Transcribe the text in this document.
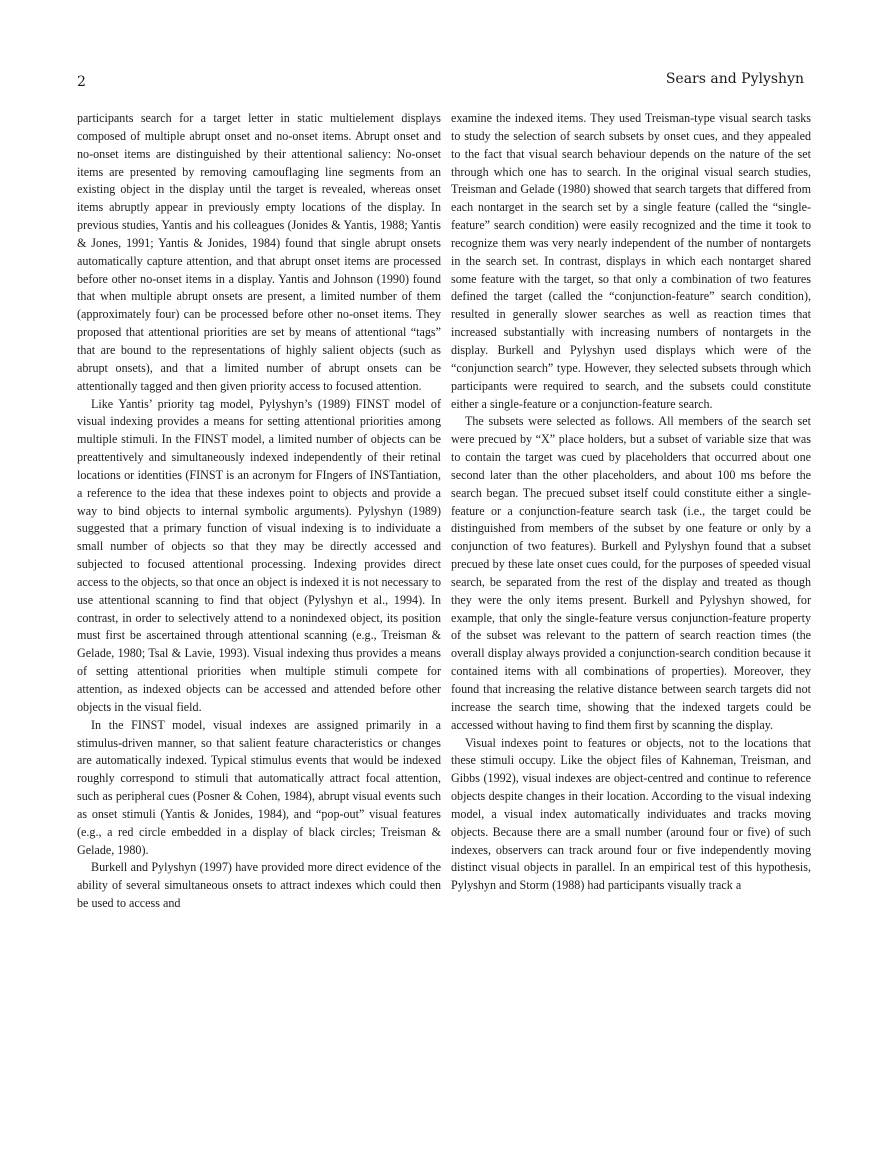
2	Sears and Pylyshyn

participants search for a target letter in static multielement displays composed of multiple abrupt onset and no-onset items. Abrupt onset and no-onset items are distinguished by their attentional saliency: No-onset items are presented by removing camouflaging line segments from an existing object in the display until the target is revealed, whereas onset items abruptly appear in previously empty locations of the display. In previous studies, Yantis and his colleagues (Jonides & Yantis, 1988; Yantis & Jones, 1991; Yantis & Jonides, 1984) found that single abrupt onsets automatically capture attention, and that abrupt onset items are processed before other no-onset items in a display. Yantis and Johnson (1990) found that when multiple abrupt onsets are present, a limited number of them (approximately four) can be processed before other no-onset items. They proposed that attentional priorities are set by means of attentional “tags” that are bound to the representations of highly salient objects (such as abrupt onsets), and that a limited number of abrupt onsets can be attentionally tagged and then given priority access to focused attention.

Like Yantis’ priority tag model, Pylyshyn’s (1989) FINST model of visual indexing provides a means for setting attentional priorities among multiple stimuli. In the FINST model, a limited number of objects can be preattentively and simultaneously indexed independently of their retinal locations or identities (FINST is an acronym for FIngers of INSTantiation, a reference to the idea that these indexes point to objects and provide a way to bind objects to internal symbolic arguments). Pylyshyn (1989) suggested that a primary function of visual indexing is to individuate a small number of objects so that they may be directly accessed and subjected to focused attentional processing. Indexing provides direct access to the objects, so that once an object is indexed it is not necessary to use attentional scanning to find that object (Pylyshyn et al., 1994). In contrast, in order to selectively attend to a nonindexed object, its position must first be ascertained through attentional scanning (e.g., Treisman & Gelade, 1980; Tsal & Lavie, 1993). Visual indexing thus provides a means of setting attentional priorities when multiple stimuli compete for attention, as indexed objects can be accessed and attended before other objects in the visual field.

In the FINST model, visual indexes are assigned primarily in a stimulus-driven manner, so that salient feature characteristics or changes are automatically indexed. Typical stimulus events that would be indexed roughly correspond to stimuli that automatically attract focal attention, such as peripheral cues (Posner & Cohen, 1984), abrupt visual events such as onset stimuli (Yantis & Jonides, 1984), and “pop-out” visual features (e.g., a red circle embedded in a display of black circles; Treisman & Gelade, 1980).

Burkell and Pylyshyn (1997) have provided more direct evidence of the ability of several simultaneous onsets to attract indexes which could then be used to access and

examine the indexed items. They used Treisman-type visual search tasks to study the selection of search subsets by onset cues, and they appealed to the fact that visual search behaviour depends on the nature of the set through which one has to search. In the original visual search studies, Treisman and Gelade (1980) showed that search targets that differed from each nontarget in the search set by a single feature (called the “single-feature” search condition) were easily recognized and the time it took to recognize them was very nearly independent of the number of nontargets in the search set. In contrast, displays in which each nontarget shared some feature with the target, so that only a combination of two features defined the target (called the “conjunction-feature” search condition), resulted in generally slower searches as well as reaction times that increased substantially with increasing numbers of nontargets in the display. Burkell and Pylyshyn used displays which were of the “conjunction search” type. However, they selected subsets through which participants were required to search, and the subsets could constitute either a single-feature or a conjunction-feature search.

The subsets were selected as follows. All members of the search set were precued by “X” place holders, but a subset of variable size that was to contain the target was cued by placeholders that occurred about one second later than the other placeholders, and about 100 ms before the search began. The precued subset itself could constitute either a single-feature or a conjunction-feature search task (i.e., the target could be distinguished from members of the subset by one feature or only by a conjunction of two features). Burkell and Pylyshyn found that a subset precued by these late onset cues could, for the purposes of speeded visual search, be separated from the rest of the display and treated as though they were the only items present. Burkell and Pylyshyn showed, for example, that only the single-feature versus conjunction-feature property of the subset was relevant to the pattern of search reaction times (the overall display always provided a conjunction-search condition because it contained items with all combinations of properties). Moreover, they found that increasing the relative distance between search targets did not increase the search time, showing that the indexed targets could be accessed without having to find them first by scanning the display.

Visual indexes point to features or objects, not to the locations that these stimuli occupy. Like the object files of Kahneman, Treisman, and Gibbs (1992), visual indexes are object-centred and continue to reference objects despite changes in their location. According to the visual indexing model, a visual index automatically individuates and tracks moving objects. Because there are a small number (around four or five) of such indexes, observers can track around four or five independently moving distinct visual objects in parallel. In an empirical test of this hypothesis, Pylyshyn and Storm (1988) had participants visually track a
